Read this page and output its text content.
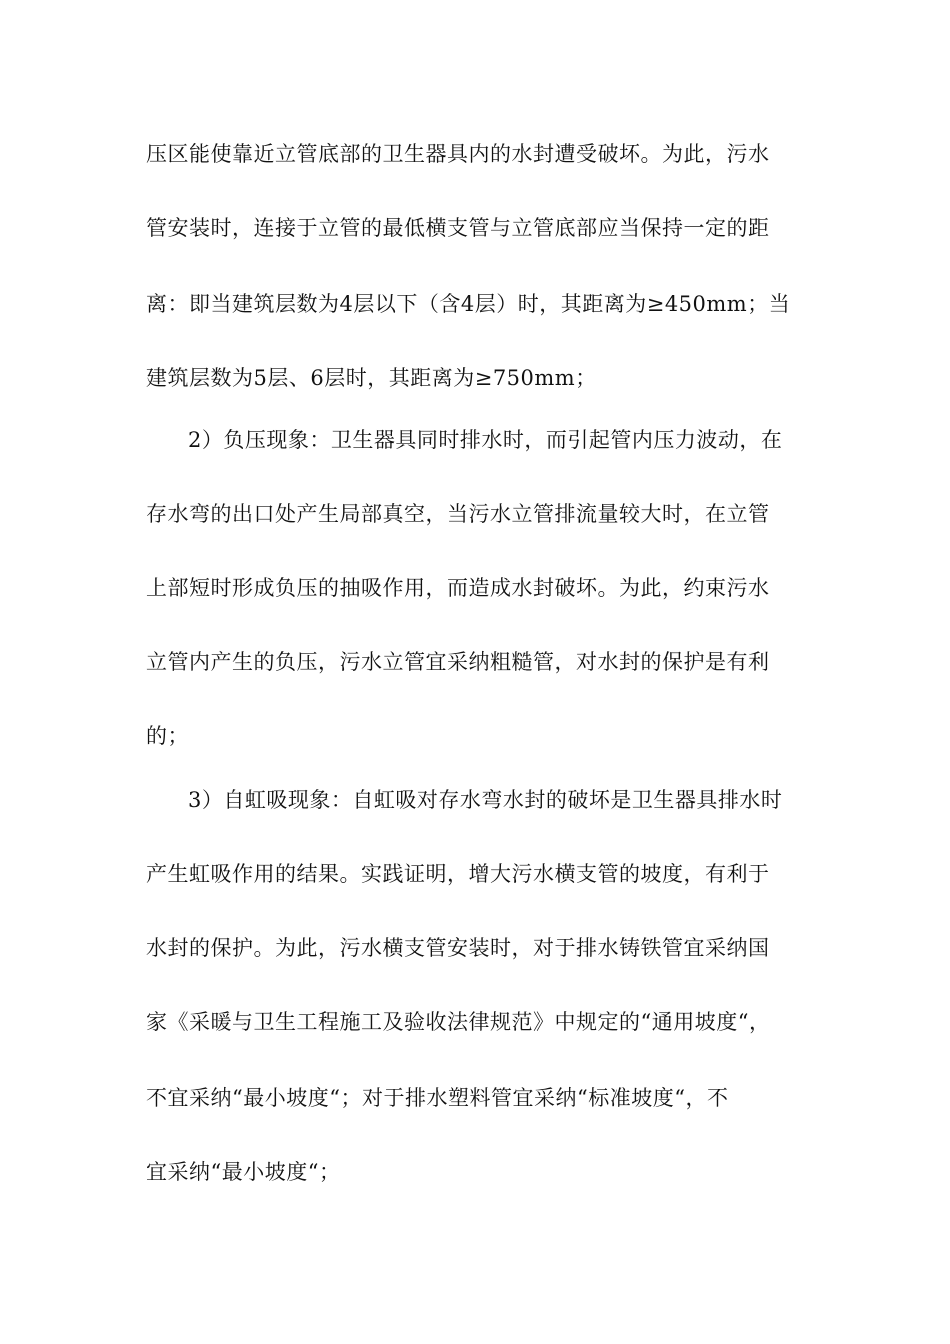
压区能使靠近立管底部的卫生器具内的水封遭受破坏。为此，污水
管安装时，连接于立管的最低横支管与立管底部应当保持一定的距
离：即当建筑层数为4层以下（含4层）时，其距离为≥450mm；当
建筑层数为5层、6层时，其距离为≥750mm；
2）负压现象：卫生器具同时排水时，而引起管内压力波动，在
存水弯的出口处产生局部真空，当污水立管排流量较大时，在立管
上部短时形成负压的抽吸作用，而造成水封破坏。为此，约束污水
立管内产生的负压，污水立管宜采纳粗糙管，对水封的保护是有利
的；
3）自虹吸现象：自虹吸对存水弯水封的破坏是卫生器具排水时
产生虹吸作用的结果。实践证明，增大污水横支管的坡度，有利于
水封的保护。为此，污水横支管安装时，对于排水铸铁管宜采纳国
家《采暖与卫生工程施工及验收法律规范》中规定的“通用坡度“，
不宜采纳“最小坡度“；对于排水塑料管宜采纳“标准坡度“，不
宜采纳“最小坡度“；
